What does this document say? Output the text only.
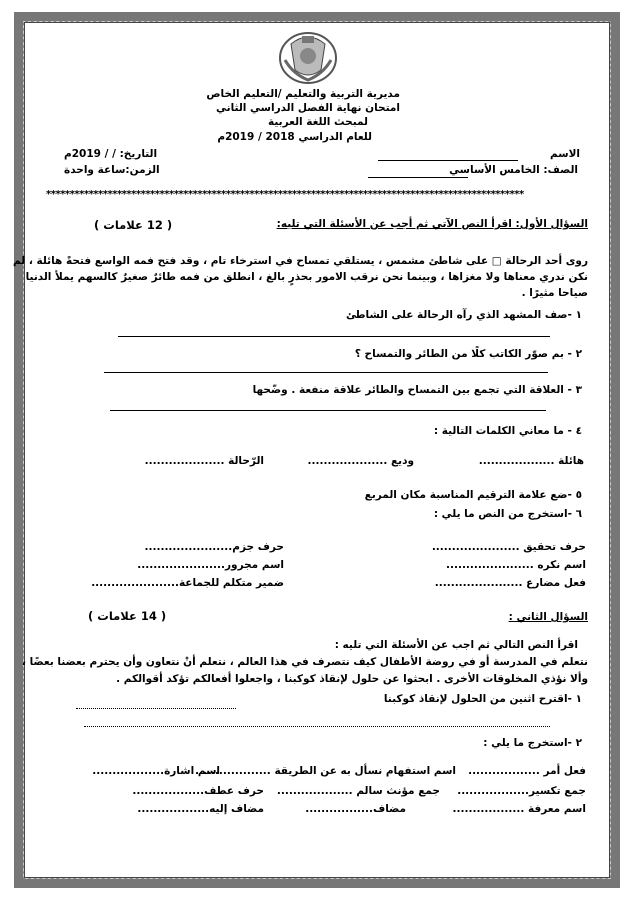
مديرية التربية والتعليم /التعليم الخاص
امتحان نهاية الفصل الدراسي الثاني
لمبحث اللغة العربية
للعام الدراسي 2018 / 2019م
الاسم
الصف: الخامس الأساسي
التاريخ: / / 2019م
الزمن:ساعة واحدة
*****************************************************************************************************
السؤال الأول: اقرأ النص الآتي ثم أجب عن الأسئلة التي تليه:
( 12 علامات )
روى أحد الرحالة □ على شاطئ مشمس ، يستلقي تمساح في استرخاء تام ، وقد فتح فمه الواسع فتحةً هائلة ، لم
نكن ندري معناها ولا مغزاها ، وبينما نحن نرقب الامور بحذرٍ بالغ ، انطلق من فمه طائرٌ صغيرٌ كالسهم يملأ الدنيا
صياحا مثيرًا .
١ -صف المشهد الذي رآه الرحالة على الشاطئ
٢ - بم صوّر الكاتب كلًا من الطائر والتمساح ؟
٣ - العلاقة التي تجمع بين التمساح والطائر علاقة منفعة . وضّحها
٤ - ما معاني الكلمات التالية :
هائلة ...................
وديع ....................
الرّحالة ....................
٥ -ضع علامة الترقيم المناسبة مكان المربع
٦ -استخرج من النص ما يلي :
حرف تحقيق ......................
حرف جزم......................
اسم نكره ......................
اسم مجرور......................
فعل مضارع ......................
ضمير متكلم للجماعة......................
السؤال الثاني :
( 14 علامات )
اقرأ النص التالي ثم اجب عن الأسئلة التي تليه :
نتعلم في المدرسة أو في روضة الأطفال كيف نتصرف في هذا العالم ، نتعلم أنْ نتعاون وأن يحترم بعضنا بعضًا ،
وألا نؤذي المخلوقات الأخرى . ابحثوا عن حلول لإنقاذ كوكبنا ، واجعلوا أفعالكم تؤكد أقوالكم .
١ -اقترح اثنين من الحلول لإنقاذ كوكبنا
٢ -استخرج ما يلي :
فعل أمر ..................
اسم استفهام نسأل به عن الطريقة ...................
اسم اشارة..................
جمع تكسير..................
جمع مؤنث سالم ...................
حرف عطف..................
اسم معرفة ..................
مضاف.................
مضاف إليه..................
